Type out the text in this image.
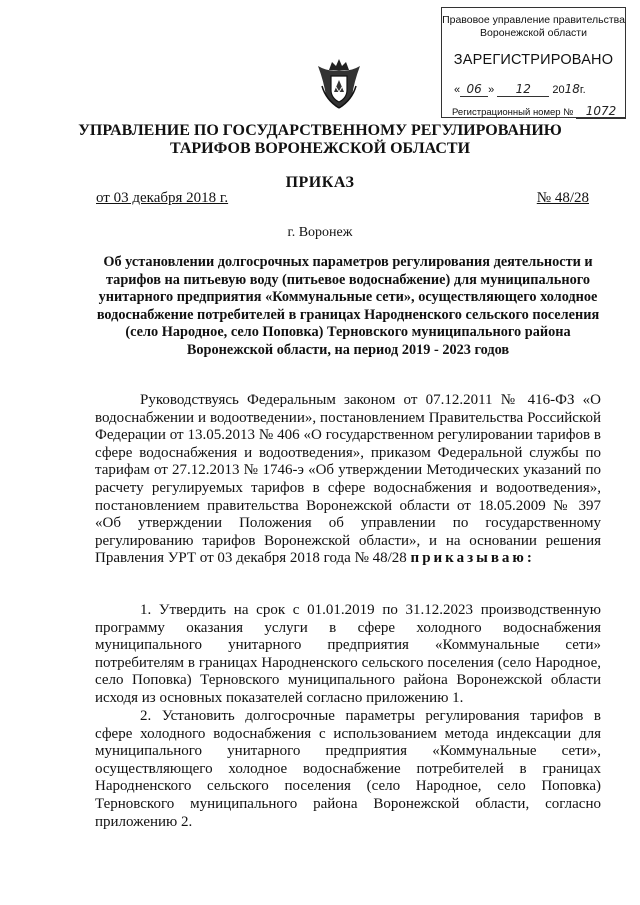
Правовое управление правительства
Воронежской области
ЗАРЕГИСТРИРОВАНО
« 06 » 12 2018г.
Регистрационный номер № 1072
УПРАВЛЕНИЕ ПО ГОСУДАРСТВЕННОМУ РЕГУЛИРОВАНИЮ
ТАРИФОВ ВОРОНЕЖСКОЙ ОБЛАСТИ
ПРИКАЗ
от 03 декабря 2018 г.	№ 48/28
г. Воронеж
Об установлении долгосрочных параметров регулирования деятельности и тарифов на питьевую воду (питьевое водоснабжение) для муниципального унитарного предприятия «Коммунальные сети», осуществляющего холодное водоснабжение потребителей в границах Народненского сельского поселения (село Народное, село Поповка) Терновского муниципального района Воронежской области, на период 2019 - 2023 годов
Руководствуясь Федеральным законом от 07.12.2011 № 416-ФЗ «О водоснабжении и водоотведении», постановлением Правительства Российской Федерации от 13.05.2013 № 406 «О государственном регулировании тарифов в сфере водоснабжения и водоотведения», приказом Федеральной службы по тарифам от 27.12.2013 № 1746-э «Об утверждении Методических указаний по расчету регулируемых тарифов в сфере водоснабжения и водоотведения», постановлением правительства Воронежской области от 18.05.2009 № 397 «Об утверждении Положения об управлении по государственному регулированию тарифов Воронежской области», и на основании решения Правления УРТ от 03 декабря 2018 года № 48/28 приказываю:
1. Утвердить на срок с 01.01.2019 по 31.12.2023 производственную программу оказания услуги в сфере холодного водоснабжения муниципального унитарного предприятия «Коммунальные сети» потребителям в границах Народненского сельского поселения (село Народное, село Поповка) Терновского муниципального района Воронежской области исходя из основных показателей согласно приложению 1.
2. Установить долгосрочные параметры регулирования тарифов в сфере холодного водоснабжения с использованием метода индексации для муниципального унитарного предприятия «Коммунальные сети», осуществляющего холодное водоснабжение потребителей в границах Народненского сельского поселения (село Народное, село Поповка) Терновского муниципального района Воронежской области, согласно приложению 2.
